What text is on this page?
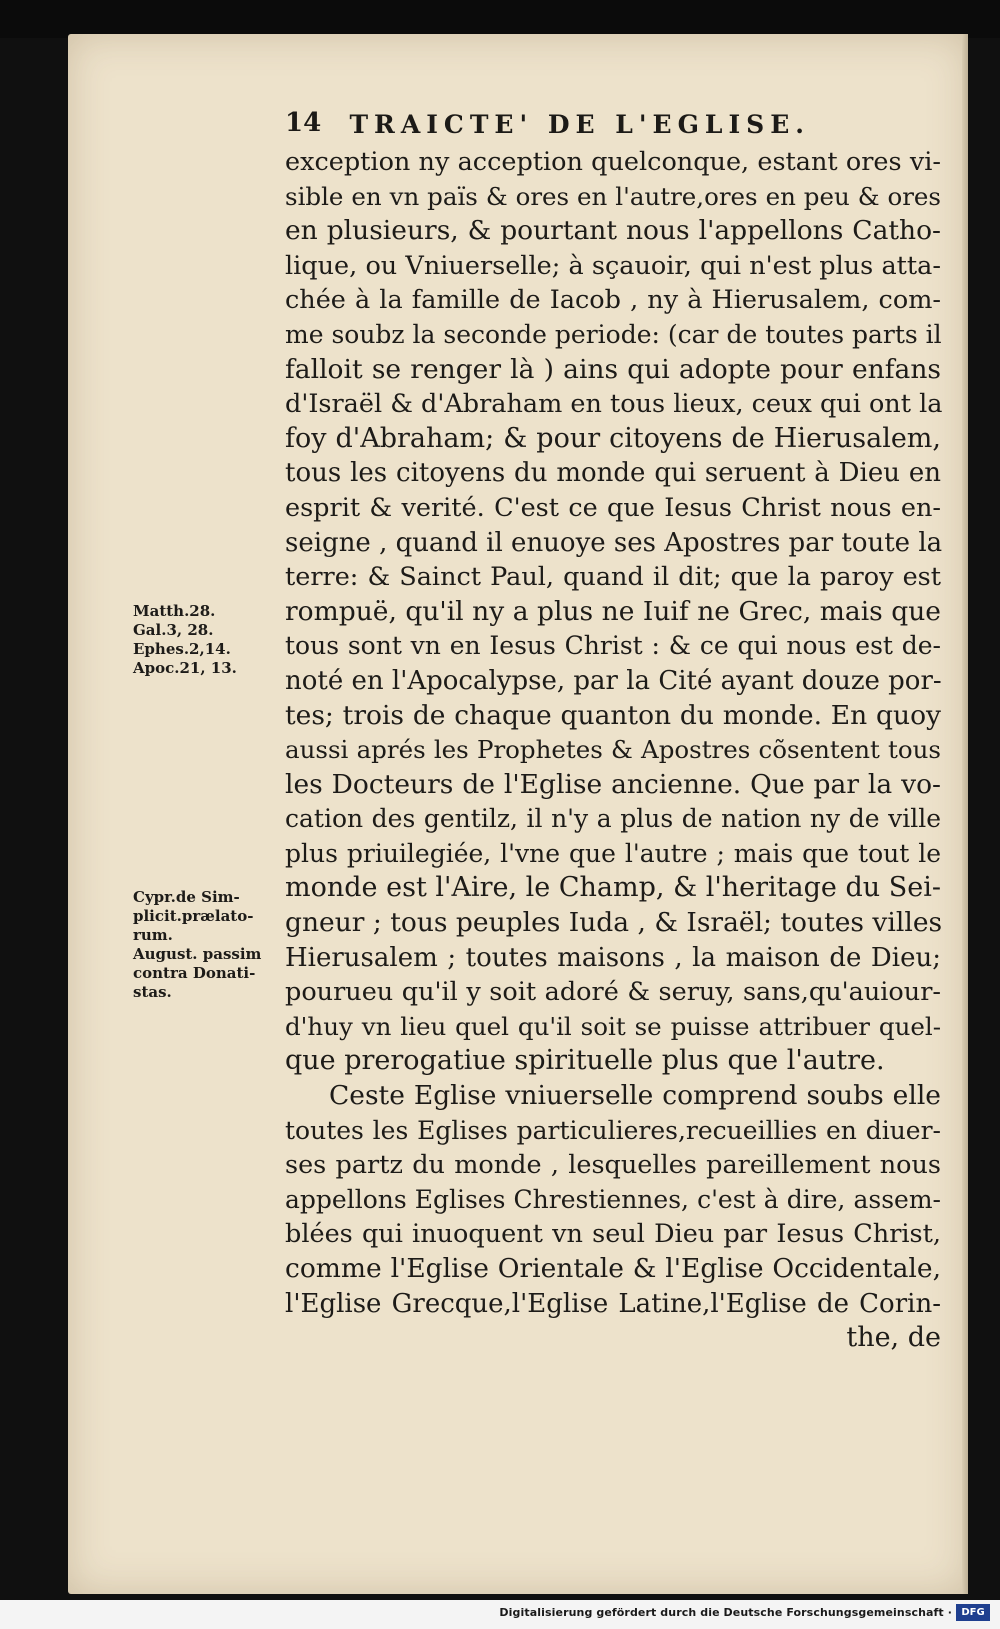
14 TRAICTE' DE L'EGLISE.
exception ny acception quelconque, estant ores vi-
sible en vn païs & ores en l'autre,ores en peu & ores
en plusieurs, & pourtant nous l'appellons Catho-
lique, ou Vniuerselle; à sçauoir, qui n'est plus atta-
chée à la famille de Iacob , ny à Hierusalem, com-
me soubz la seconde periode: (car de toutes parts il
falloit se renger là ) ains qui adopte pour enfans
d'Israël & d'Abraham en tous lieux, ceux qui ont la
foy d'Abraham; & pour citoyens de Hierusalem,
tous les citoyens du monde qui seruent à Dieu en
esprit & verité. C'est ce que Iesus Christ nous en-
seigne , quand il enuoye ses Apostres par toute la
terre: & Sainct Paul, quand il dit; que la paroy est
rompuë, qu'il ny a plus ne Iuif ne Grec, mais que
tous sont vn en Iesus Christ : & ce qui nous est de-
noté en l'Apocalypse, par la Cité ayant douze por-
tes; trois de chaque quanton du monde. En quoy
aussi aprés les Prophetes & Apostres cõsentent tous
les Docteurs de l'Eglise ancienne. Que par la vo-
cation des gentilz, il n'y a plus de nation ny de ville
plus priuilegiée, l'vne que l'autre ; mais que tout le
monde est l'Aire, le Champ, & l'heritage du Sei-
gneur ; tous peuples Iuda , & Israël; toutes villes
Hierusalem ; toutes maisons , la maison de Dieu;
pourueu qu'il y soit adoré & seruy, sans,qu'auiour-
d'huy vn lieu quel qu'il soit se puisse attribuer quel-
que prerogatiue spirituelle plus que l'autre.
Ceste Eglise vniuerselle comprend soubs elle
toutes les Eglises particulieres,recueillies en diuer-
ses partz du monde , lesquelles pareillement nous
appellons Eglises Chrestiennes, c'est à dire, assem-
blées qui inuoquent vn seul Dieu par Iesus Christ,
comme l'Eglise Orientale & l'Eglise Occidentale,
l'Eglise Grecque,l'Eglise Latine,l'Eglise de Corin-
the, de
Matth.28.
Gal.3, 28.
Ephes.2,14.
Apoc.21, 13.
Cypr.de Sim-
plicit.prælato-
rum.
August. passim
contra Donati-
stas.
Digitalisierung gefördert durch die Deutsche Forschungsgemeinschaft · DFG
